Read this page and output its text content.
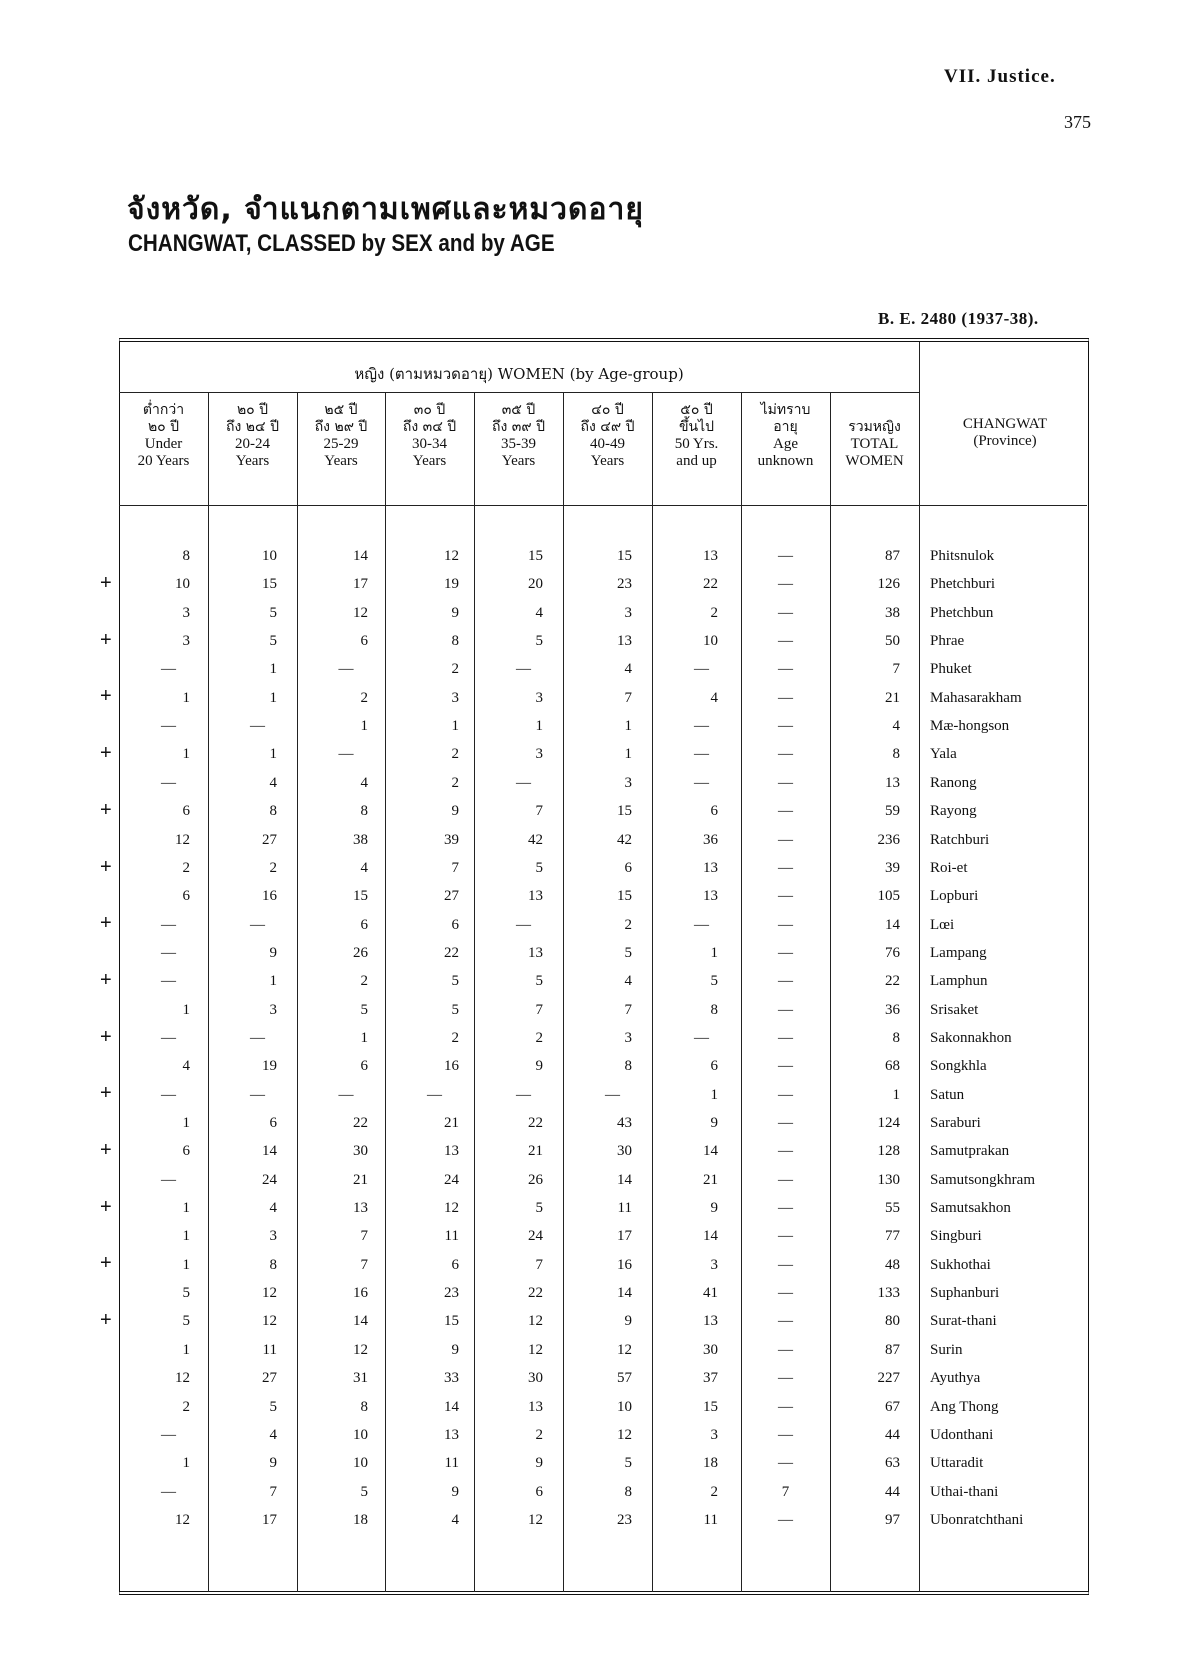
VII. Justice.
375
จังหวัด, จำแนกตามเพศและหมวดอายุ
CHANGWAT, CLASSED by SEX and by AGE
B. E. 2480 (1937-38).
หญิง (ตามหมวดอายุ) WOMEN (by Age-group)
ต่ำกว่า
๒๐ ปี
Under
20 Years
๒๐ ปี
ถึง ๒๔ ปี
20-24
Years
๒๕ ปี
ถึง ๒๙ ปี
25-29
Years
๓๐ ปี
ถึง ๓๔ ปี
30-34
Years
๓๕ ปี
ถึง ๓๙ ปี
35-39
Years
๔๐ ปี
ถึง ๔๙ ปี
40-49
Years
๕๐ ปี
ขึ้นไป
50 Yrs.
and up
ไม่ทราบ
อายุ
Age
unknown

รวมหญิง
TOTAL
WOMEN
CHANGWAT
(Province)
8	10	14	12	15	15	13	—	87 Phitsnulok
10	15	17	19	20	23	22	—	126 Phetchburi
3	5	12	9	4	3	2	—	38 Phetchbun
3	5	6	8	5	13	10	—	50 Phrae
—	1	—	2	—	4	—	—	7 Phuket
1	1	2	3	3	7	4	—	21 Mahasarakham
—	—	1	1	1	1	—	—	4 Mæ-hongson
1	1	—	2	3	1	—	—	8 Yala
—	4	4	2	—	3	—	—	13 Ranong
6	8	8	9	7	15	6	—	59 Rayong
12	27	38	39	42	42	36	—	236 Ratchburi
2	2	4	7	5	6	13	—	39 Roi-et
6	16	15	27	13	15	13	—	105 Lopburi
—	—	6	6	—	2	—	—	14 Lœi
—	9	26	22	13	5	1	—	76 Lampang
—	1	2	5	5	4	5	—	22 Lamphun
1	3	5	5	7	7	8	—	36 Srisaket
—	—	1	2	2	3	—	—	8 Sakonnakhon
4	19	6	16	9	8	6	—	68 Songkhla
—	—	—	—	—	—	1	—	1 Satun
1	6	22	21	22	43	9	—	124 Saraburi
6	14	30	13	21	30	14	—	128 Samutprakan
—	24	21	24	26	14	21	—	130 Samutsongkhram
1	4	13	12	5	11	9	—	55 Samutsakhon
1	3	7	11	24	17	14	—	77 Singburi
1	8	7	6	7	16	3	—	48 Sukhothai
5	12	16	23	22	14	41	—	133 Suphanburi
5	12	14	15	12	9	13	—	80 Surat-thani
1	11	12	9	12	12	30	—	87 Surin
12	27	31	33	30	57	37	—	227 Ayuthya
2	5	8	14	13	10	15	—	67 Ang Thong
—	4	10	13	2	12	3	—	44 Udonthani
1	9	10	11	9	5	18	—	63 Uttaradit
—	7	5	9	6	8	2	7	44 Uthai-thani
12	17	18	4	12	23	11	—	97 Ubonratchthani
+
+
+
+
+
+
+
+
+
+
+
+
+
+
